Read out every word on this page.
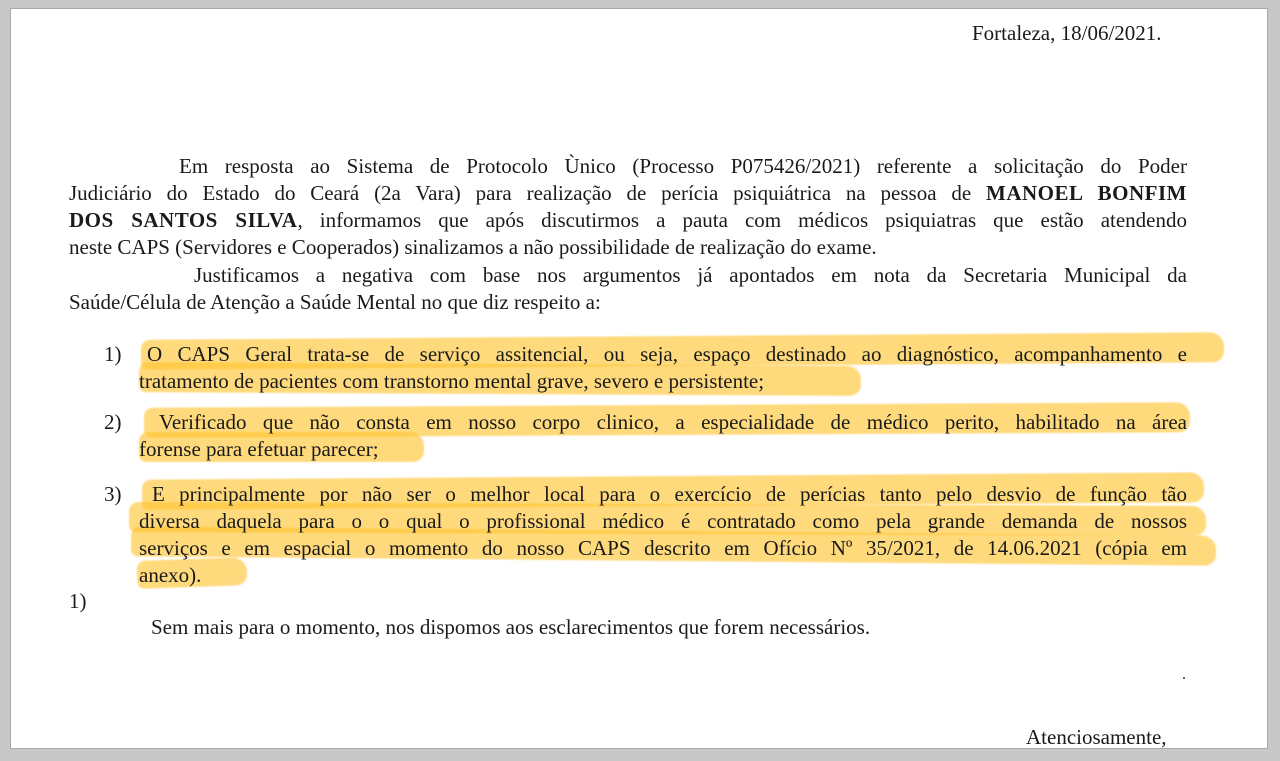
Fortaleza, 18/06/2021.

Em resposta ao Sistema de Protocolo Ùnico (Processo P075426/2021) referente a solicitação do Poder

Judiciário do Estado do Ceará (2a Vara) para realização de perícia psiquiátrica na pessoa de MANOEL BONFIM

DOS SANTOS SILVA, informamos que após discutirmos a pauta com médicos psiquiatras que estão atendendo

neste CAPS (Servidores e Cooperados) sinalizamos a não possibilidade de realização do exame.

Justificamos a negativa com base nos argumentos já apontados em nota da Secretaria Municipal da

Saúde/Célula de Atenção a Saúde Mental no que diz respeito a:

1) O CAPS Geral trata-se de serviço assitencial, ou seja, espaço destinado ao diagnóstico, acompanhamento e

tratamento de pacientes com transtorno mental grave, severo e persistente;

2) Verificado que não consta em nosso corpo clinico, a especialidade de médico perito, habilitado na área

forense para efetuar parecer;

3) E principalmente por não ser o melhor local para o exercício de perícias tanto pelo desvio de função tão

diversa daquela para o o qual o profissional médico é contratado como pela grande demanda de nossos

serviços e em espacial o momento do nosso CAPS descrito em Ofício Nº 35/2021, de 14.06.2021 (cópia em

anexo).

1)

Sem mais para o momento, nos dispomos aos esclarecimentos que forem necessários.

Atenciosamente,
